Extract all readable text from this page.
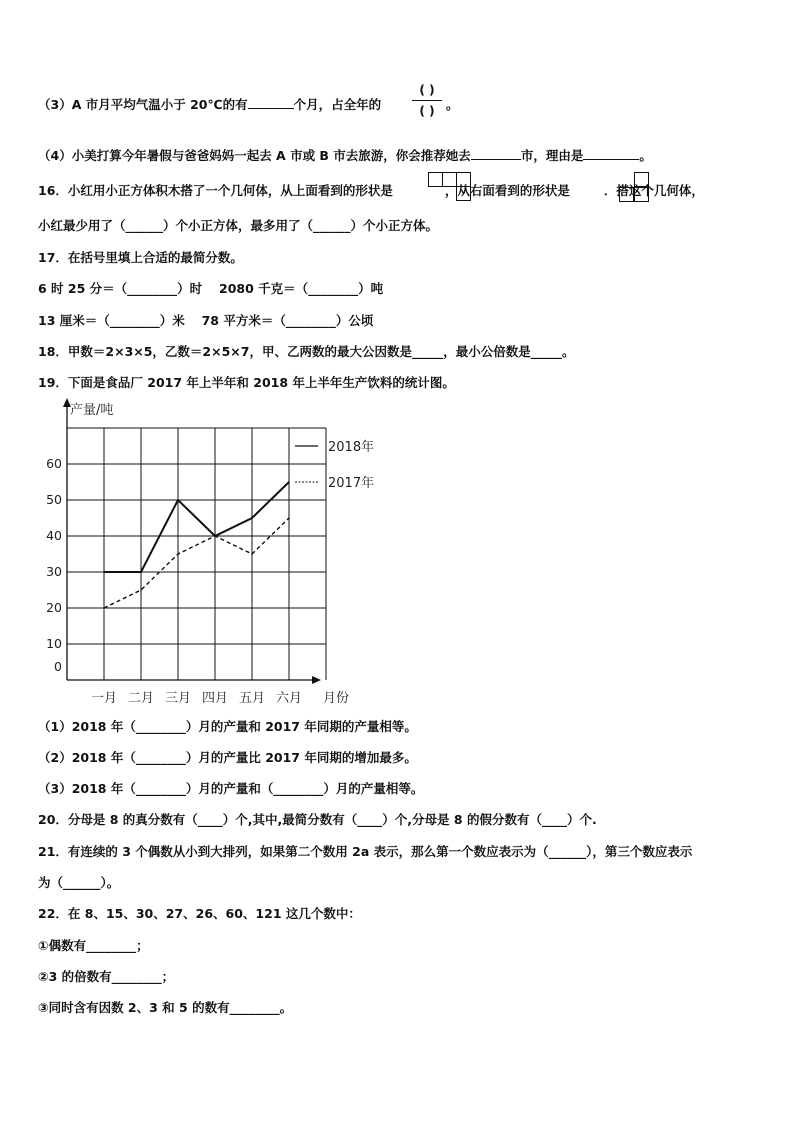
（3）A 市月平均气温小于 20℃的有	个月，占全年的
( )
( ) 。
（4）小美打算今年暑假与爸爸妈妈一起去 A 市或 B 市去旅游，你会推荐她去	市，理由是	。
16．小红用小正方体积木搭了一个几何体，从上面看到的形状是	，从右面看到的形状是	．搭这个几何体，
小红最少用了（______）个小正方体，最多用了（______）个小正方体。
17．在括号里填上合适的最简分数。
6 时 25 分＝（________）时　 2080 千克＝（________）吨
13 厘米＝（________）米　 78 平方米＝（________）公顷
18．甲数＝2×3×5，乙数＝2×5×7，甲、乙两数的最大公因数是_____，最小公倍数是_____。
19．下面是食品厂 2017 年上半年和 2018 年上半年生产饮料的统计图。
产量/吨
月份
0
10
20
30
40
50
60
一月 二月 三月 四月 五月 六月
2018年
2017年
（1）2018 年（________）月的产量和 2017 年同期的产量相等。
（2）2018 年（________）月的产量比 2017 年同期的增加最多。
（3）2018 年（________）月的产量和（________）月的产量相等。
20．分母是 8 的真分数有（____）个,其中,最简分数有（____）个,分母是 8 的假分数有（____）个.
21．有连续的 3 个偶数从小到大排列，如果第二个数用 2a 表示，那么第一个数应表示为（______），第三个数应表示
为（______）。
22．在 8、15、30、27、26、60、121 这几个数中：
①偶数有________；
②3 的倍数有________；
③同时含有因数 2、3 和 5 的数有________。
